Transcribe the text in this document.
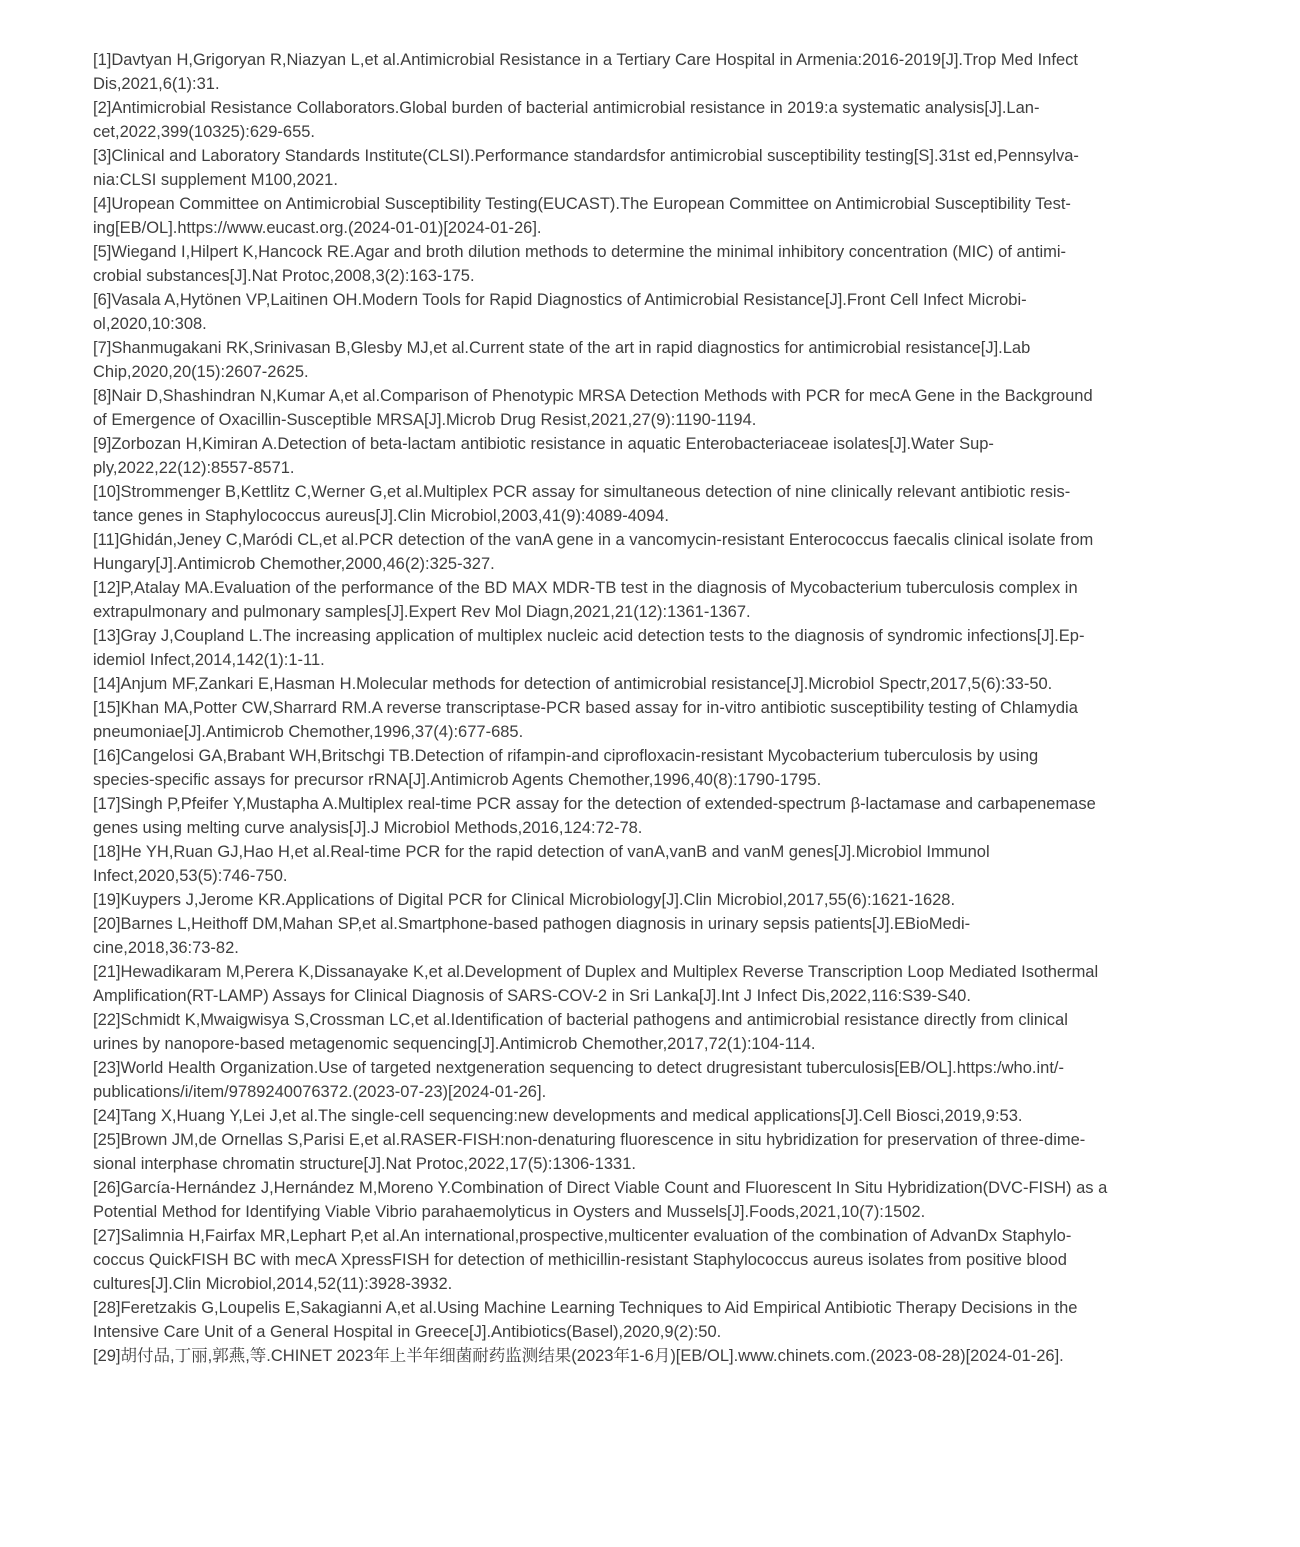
[1]Davtyan H,Grigoryan R,Niazyan L,et al.Antimicrobial Resistance in a Tertiary Care Hospital in Armenia:2016-2019[J].Trop Med Infect
Dis,2021,6(1):31.
[2]Antimicrobial Resistance Collaborators.Global burden of bacterial antimicrobial resistance in 2019:a systematic analysis[J].Lan-
cet,2022,399(10325):629-655.
[3]Clinical and Laboratory Standards Institute(CLSI).Performance standardsfor antimicrobial susceptibility testing[S].31st ed,Pennsylva-
nia:CLSI supplement M100,2021.
[4]Uropean Committee on Antimicrobial Susceptibility Testing(EUCAST).The European Committee on Antimicrobial Susceptibility Test-
ing[EB/OL].https://www.eucast.org.(2024-01-01)[2024-01-26].
[5]Wiegand I,Hilpert K,Hancock RE.Agar and broth dilution methods to determine the minimal inhibitory concentration (MIC) of antimi-
crobial substances[J].Nat Protoc,2008,3(2):163-175.
[6]Vasala A,Hytönen VP,Laitinen OH.Modern Tools for Rapid Diagnostics of Antimicrobial Resistance[J].Front Cell Infect Microbi-
ol,2020,10:308.
[7]Shanmugakani RK,Srinivasan B,Glesby MJ,et al.Current state of the art in rapid diagnostics for antimicrobial resistance[J].Lab
Chip,2020,20(15):2607-2625.
[8]Nair D,Shashindran N,Kumar A,et al.Comparison of Phenotypic MRSA Detection Methods with PCR for mecA Gene in the Background
of Emergence of Oxacillin-Susceptible MRSA[J].Microb Drug Resist,2021,27(9):1190-1194.
[9]Zorbozan H,Kimiran A.Detection of beta-lactam antibiotic resistance in aquatic Enterobacteriaceae isolates[J].Water Sup-
ply,2022,22(12):8557-8571.
[10]Strommenger B,Kettlitz C,Werner G,et al.Multiplex PCR assay for simultaneous detection of nine clinically relevant antibiotic resis-
tance genes in Staphylococcus aureus[J].Clin Microbiol,2003,41(9):4089-4094.
[11]Ghidán,Jeney C,Maródi CL,et al.PCR detection of the vanA gene in a vancomycin-resistant Enterococcus faecalis clinical isolate from
Hungary[J].Antimicrob Chemother,2000,46(2):325-327.
[12]P,Atalay MA.Evaluation of the performance of the BD MAX MDR-TB test in the diagnosis of Mycobacterium tuberculosis complex in
extrapulmonary and pulmonary samples[J].Expert Rev Mol Diagn,2021,21(12):1361-1367.
[13]Gray J,Coupland L.The increasing application of multiplex nucleic acid detection tests to the diagnosis of syndromic infections[J].Ep-
idemiol Infect,2014,142(1):1-11.
[14]Anjum MF,Zankari E,Hasman H.Molecular methods for detection of antimicrobial resistance[J].Microbiol Spectr,2017,5(6):33-50.
[15]Khan MA,Potter CW,Sharrard RM.A reverse transcriptase-PCR based assay for in-vitro antibiotic susceptibility testing of Chlamydia
pneumoniae[J].Antimicrob Chemother,1996,37(4):677-685.
[16]Cangelosi GA,Brabant WH,Britschgi TB.Detection of rifampin-and ciprofloxacin-resistant Mycobacterium tuberculosis by using
species-specific assays for precursor rRNA[J].Antimicrob Agents Chemother,1996,40(8):1790-1795.
[17]Singh P,Pfeifer Y,Mustapha A.Multiplex real-time PCR assay for the detection of extended-spectrum β-lactamase and carbapenemase
genes using melting curve analysis[J].J Microbiol Methods,2016,124:72-78.
[18]He YH,Ruan GJ,Hao H,et al.Real-time PCR for the rapid detection of vanA,vanB and vanM genes[J].Microbiol Immunol
Infect,2020,53(5):746-750.
[19]Kuypers J,Jerome KR.Applications of Digital PCR for Clinical Microbiology[J].Clin Microbiol,2017,55(6):1621-1628.
[20]Barnes L,Heithoff DM,Mahan SP,et al.Smartphone-based pathogen diagnosis in urinary sepsis patients[J].EBioMedi-
cine,2018,36:73-82.
[21]Hewadikaram M,Perera K,Dissanayake K,et al.Development of Duplex and Multiplex Reverse Transcription Loop Mediated Isothermal
Amplification(RT-LAMP) Assays for Clinical Diagnosis of SARS-COV-2 in Sri Lanka[J].Int J Infect Dis,2022,116:S39-S40.
[22]Schmidt K,Mwaigwisya S,Crossman LC,et al.Identification of bacterial pathogens and antimicrobial resistance directly from clinical
urines by nanopore-based metagenomic sequencing[J].Antimicrob Chemother,2017,72(1):104-114.
[23]World Health Organization.Use of targeted nextgeneration sequencing to detect drugresistant tuberculosis[EB/OL].https:/who.int/-
publications/i/item/9789240076372.(2023-07-23)[2024-01-26].
[24]Tang X,Huang Y,Lei J,et al.The single-cell sequencing:new developments and medical applications[J].Cell Biosci,2019,9:53.
[25]Brown JM,de Ornellas S,Parisi E,et al.RASER-FISH:non-denaturing fluorescence in situ hybridization for preservation of three-dime-
sional interphase chromatin structure[J].Nat Protoc,2022,17(5):1306-1331.
[26]García-Hernández J,Hernández M,Moreno Y.Combination of Direct Viable Count and Fluorescent In Situ Hybridization(DVC-FISH) as a
Potential Method for Identifying Viable Vibrio parahaemolyticus in Oysters and Mussels[J].Foods,2021,10(7):1502.
[27]Salimnia H,Fairfax MR,Lephart P,et al.An international,prospective,multicenter evaluation of the combination of AdvanDx Staphylo-
coccus QuickFISH BC with mecA XpressFISH for detection of methicillin-resistant Staphylococcus aureus isolates from positive blood
cultures[J].Clin Microbiol,2014,52(11):3928-3932.
[28]Feretzakis G,Loupelis E,Sakagianni A,et al.Using Machine Learning Techniques to Aid Empirical Antibiotic Therapy Decisions in the
Intensive Care Unit of a General Hospital in Greece[J].Antibiotics(Basel),2020,9(2):50.
[29]胡付品,丁丽,郭燕,等.CHINET 2023年上半年细菌耐药监测结果(2023年1-6月)[EB/OL].www.chinets.com.(2023-08-28)[2024-01-26].
